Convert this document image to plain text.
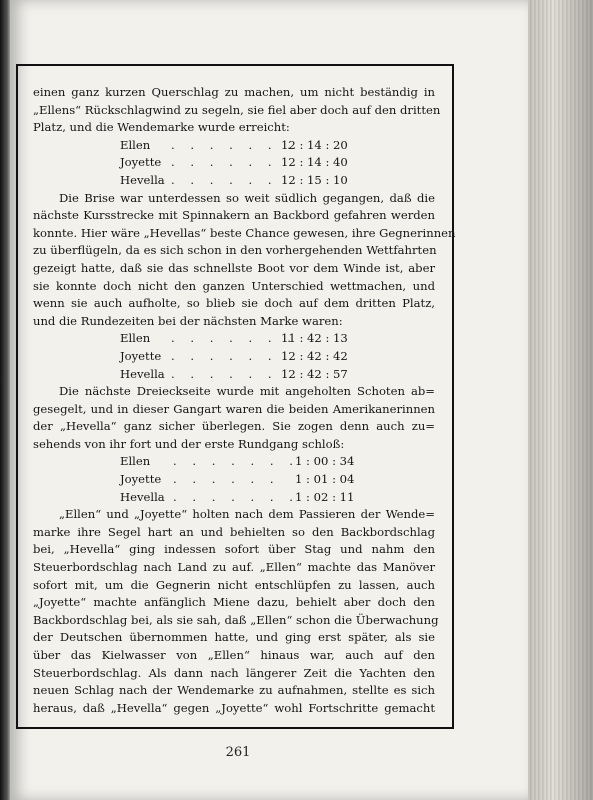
einen ganz kurzen Querschlag zu machen, um nicht beständig in
„Ellens“ Rückschlagwind zu segeln, sie fiel aber doch auf den dritten
Platz, und die Wendemarke wurde erreicht:
Ellen . . . . . . .
12 : 14 : 20
Joyette . . . . . . 12 : 14 : 40
Hevella . . . . . . 12 : 15 : 10
Die Brise war unterdessen so weit südlich gegangen, daß die
nächste Kursstrecke mit Spinnakern an Backbord gefahren werden
konnte. Hier wäre „Hevellas“ beste Chance gewesen, ihre Gegnerinnen
zu überflügeln, da es sich schon in den vorhergehenden Wettfahrten
gezeigt hatte, daß sie das schnellste Boot vor dem Winde ist, aber
sie konnte doch nicht den ganzen Unterschied wettmachen, und
wenn sie auch aufholte, so blieb sie doch auf dem dritten Platz,
und die Rundezeiten bei der nächsten Marke waren:
Ellen . . . . . . .
11 : 42 : 13
Joyette . . . . . . 12 : 42 : 42
Hevella . . . . . . 12 : 42 : 57
Die nächste Dreieckseite wurde mit angeholten Schoten ab=
gesegelt, und in dieser Gangart waren die beiden Amerikanerinnen
der „Hevella“ ganz sicher überlegen. Sie zogen denn auch zu=
sehends von ihr fort und der erste Rundgang schloß:
Ellen . . . . . . .
1 : 00 : 34
Joyette . . . . . . 1 : 01 : 04
Hevella . . . . . . .
1 : 02 : 11
„Ellen“ und „Joyette“ holten nach dem Passieren der Wende=
marke ihre Segel hart an und behielten so den Backbordschlag
bei, „Hevella“ ging indessen sofort über Stag und nahm den
Steuerbordschlag nach Land zu auf. „Ellen“ machte das Manöver
sofort mit, um die Gegnerin nicht entschlüpfen zu lassen, auch
„Joyette“ machte anfänglich Miene dazu, behielt aber doch den
Backbordschlag bei, als sie sah, daß „Ellen“ schon die Überwachung
der Deutschen übernommen hatte, und ging erst später, als sie
über das Kielwasser von „Ellen“ hinaus war, auch auf den
Steuerbordschlag. Als dann nach längerer Zeit die Yachten den
neuen Schlag nach der Wendemarke zu aufnahmen, stellte es sich
heraus, daß „Hevella“ gegen „Joyette“ wohl Fortschritte gemacht
261
